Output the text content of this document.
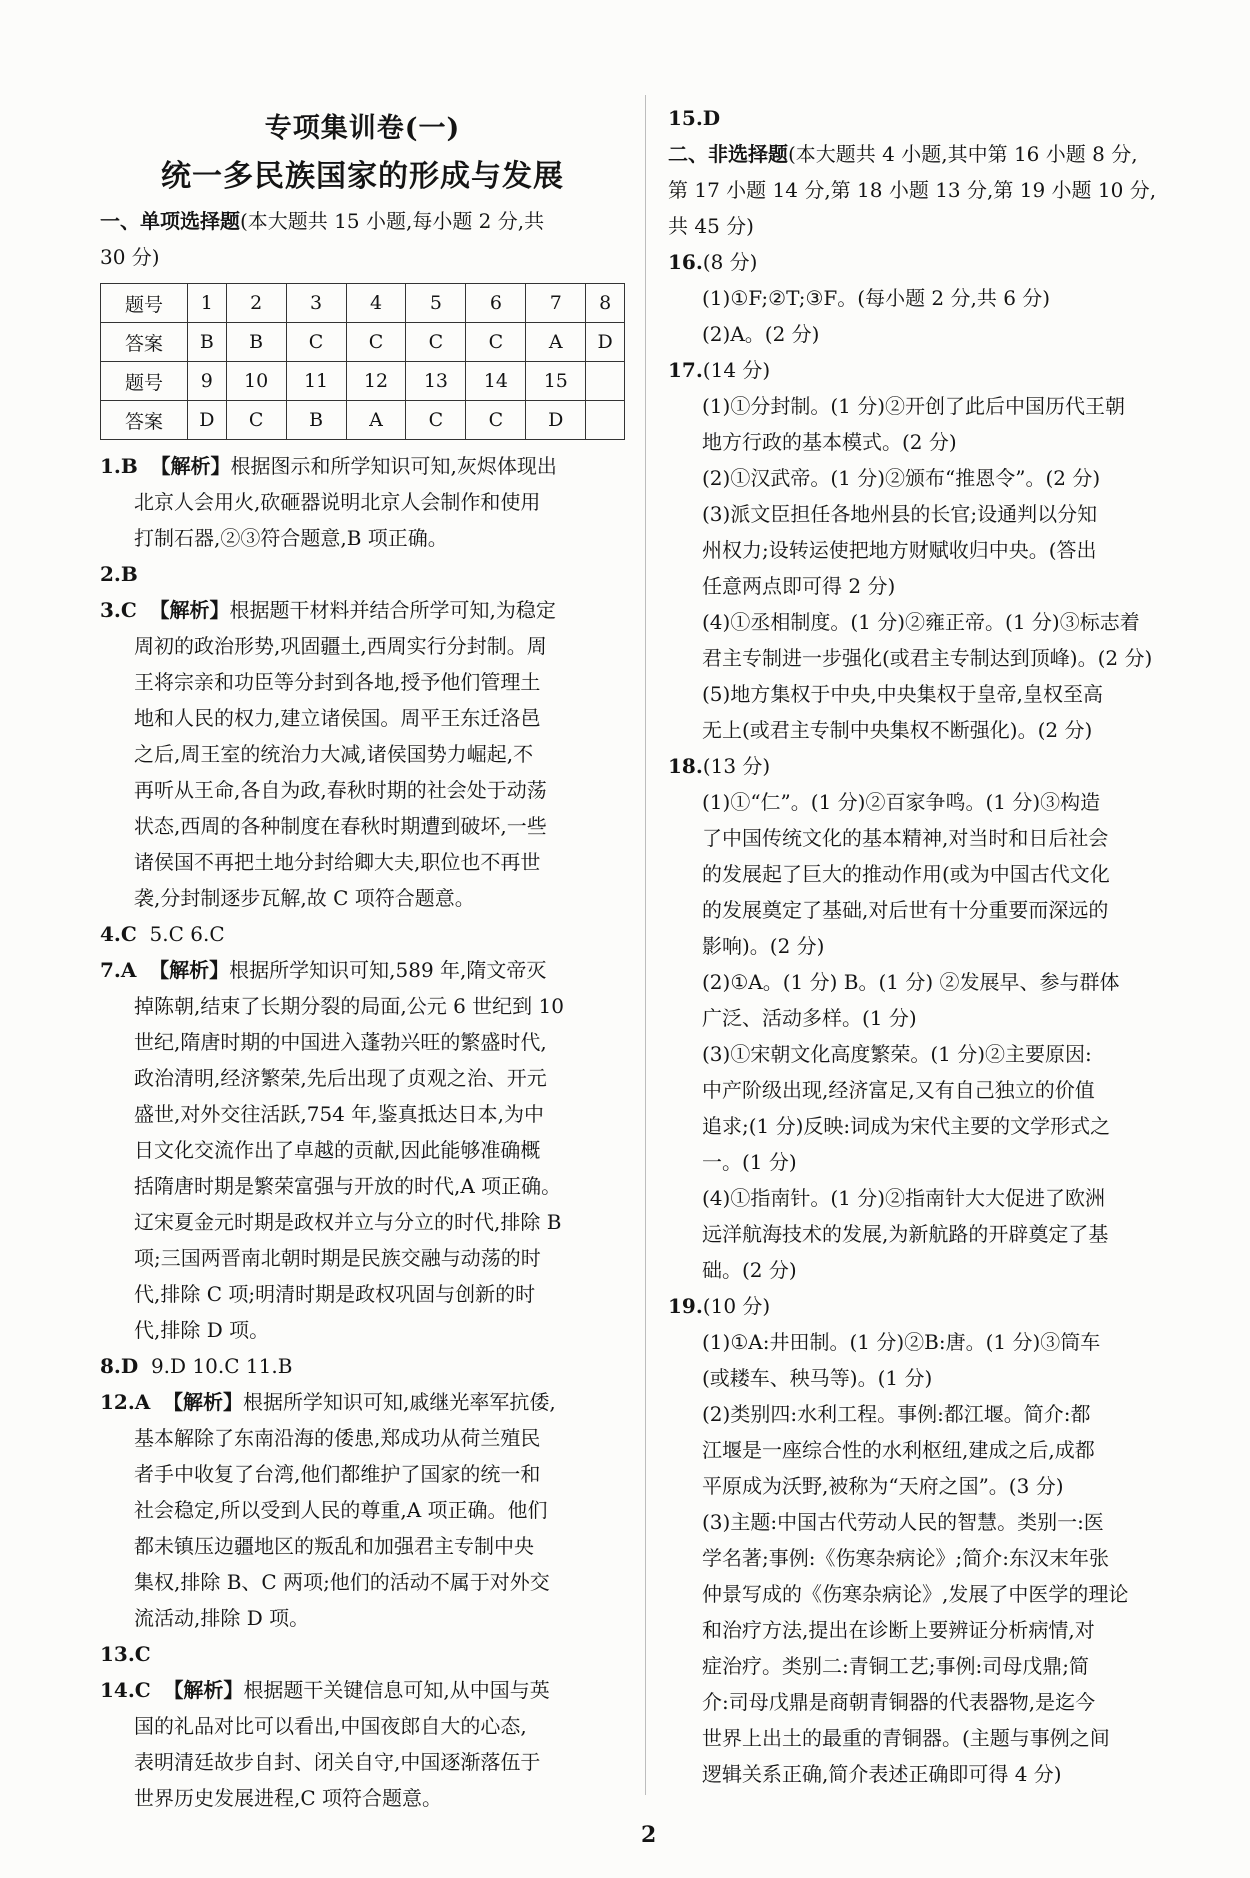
专项集训卷(一)
统一多民族国家的形成与发展
一、单项选择题(本大题共 15 小题,每小题 2 分,共
30 分)
题号	1	2	3	4	5	6	7	8
答案	B	B	C	C	C	C	A	D
题号	9	10	11	12	13	14	15	
答案	D	C	B	A	C	C	D	
1.B 【解析】根据图示和所学知识可知,灰烬体现出
北京人会用火,砍砸器说明北京人会制作和使用
打制石器,②③符合题意,B 项正确。
2.B
3.C 【解析】根据题干材料并结合所学可知,为稳定
周初的政治形势,巩固疆土,西周实行分封制。周
王将宗亲和功臣等分封到各地,授予他们管理土
地和人民的权力,建立诸侯国。周平王东迁洛邑
之后,周王室的统治力大减,诸侯国势力崛起,不
再听从王命,各自为政,春秋时期的社会处于动荡
状态,西周的各种制度在春秋时期遭到破坏,一些
诸侯国不再把土地分封给卿大夫,职位也不再世
袭,分封制逐步瓦解,故 C 项符合题意。
4.C 5.C 6.C
7.A 【解析】根据所学知识可知,589 年,隋文帝灭
掉陈朝,结束了长期分裂的局面,公元 6 世纪到 10
世纪,隋唐时期的中国进入蓬勃兴旺的繁盛时代,
政治清明,经济繁荣,先后出现了贞观之治、开元
盛世,对外交往活跃,754 年,鉴真抵达日本,为中
日文化交流作出了卓越的贡献,因此能够准确概
括隋唐时期是繁荣富强与开放的时代,A 项正确。
辽宋夏金元时期是政权并立与分立的时代,排除 B
项;三国两晋南北朝时期是民族交融与动荡的时
代,排除 C 项;明清时期是政权巩固与创新的时
代,排除 D 项。
8.D 9.D 10.C 11.B
12.A 【解析】根据所学知识可知,戚继光率军抗倭,
基本解除了东南沿海的倭患,郑成功从荷兰殖民
者手中收复了台湾,他们都维护了国家的统一和
社会稳定,所以受到人民的尊重,A 项正确。他们
都未镇压边疆地区的叛乱和加强君主专制中央
集权,排除 B、C 两项;他们的活动不属于对外交
流活动,排除 D 项。
13.C
14.C 【解析】根据题干关键信息可知,从中国与英
国的礼品对比可以看出,中国夜郎自大的心态,
表明清廷故步自封、闭关自守,中国逐渐落伍于
世界历史发展进程,C 项符合题意。
15.D
二、非选择题(本大题共 4 小题,其中第 16 小题 8 分,
第 17 小题 14 分,第 18 小题 13 分,第 19 小题 10 分,
共 45 分)
16.(8 分)
(1)①F;②T;③F。(每小题 2 分,共 6 分)
(2)A。(2 分)
17.(14 分)
(1)①分封制。(1 分)②开创了此后中国历代王朝
地方行政的基本模式。(2 分)
(2)①汉武帝。(1 分)②颁布“推恩令”。(2 分)
(3)派文臣担任各地州县的长官;设通判以分知
州权力;设转运使把地方财赋收归中央。(答出
任意两点即可得 2 分)
(4)①丞相制度。(1 分)②雍正帝。(1 分)③标志着
君主专制进一步强化(或君主专制达到顶峰)。(2 分)
(5)地方集权于中央,中央集权于皇帝,皇权至高
无上(或君主专制中央集权不断强化)。(2 分)
18.(13 分)
(1)①“仁”。(1 分)②百家争鸣。(1 分)③构造
了中国传统文化的基本精神,对当时和日后社会
的发展起了巨大的推动作用(或为中国古代文化
的发展奠定了基础,对后世有十分重要而深远的
影响)。(2 分)
(2)①A。(1 分) B。(1 分) ②发展早、参与群体
广泛、活动多样。(1 分)
(3)①宋朝文化高度繁荣。(1 分)②主要原因:
中产阶级出现,经济富足,又有自己独立的价值
追求;(1 分)反映:词成为宋代主要的文学形式之
一。(1 分)
(4)①指南针。(1 分)②指南针大大促进了欧洲
远洋航海技术的发展,为新航路的开辟奠定了基
础。(2 分)
19.(10 分)
(1)①A:井田制。(1 分)②B:唐。(1 分)③筒车
(或耧车、秧马等)。(1 分)
(2)类别四:水利工程。事例:都江堰。简介:都
江堰是一座综合性的水利枢纽,建成之后,成都
平原成为沃野,被称为“天府之国”。(3 分)
(3)主题:中国古代劳动人民的智慧。类别一:医
学名著;事例:《伤寒杂病论》;简介:东汉末年张
仲景写成的《伤寒杂病论》,发展了中医学的理论
和治疗方法,提出在诊断上要辨证分析病情,对
症治疗。类别二:青铜工艺;事例:司母戊鼎;简
介:司母戊鼎是商朝青铜器的代表器物,是迄今
世界上出土的最重的青铜器。(主题与事例之间
逻辑关系正确,简介表述正确即可得 4 分)
2
